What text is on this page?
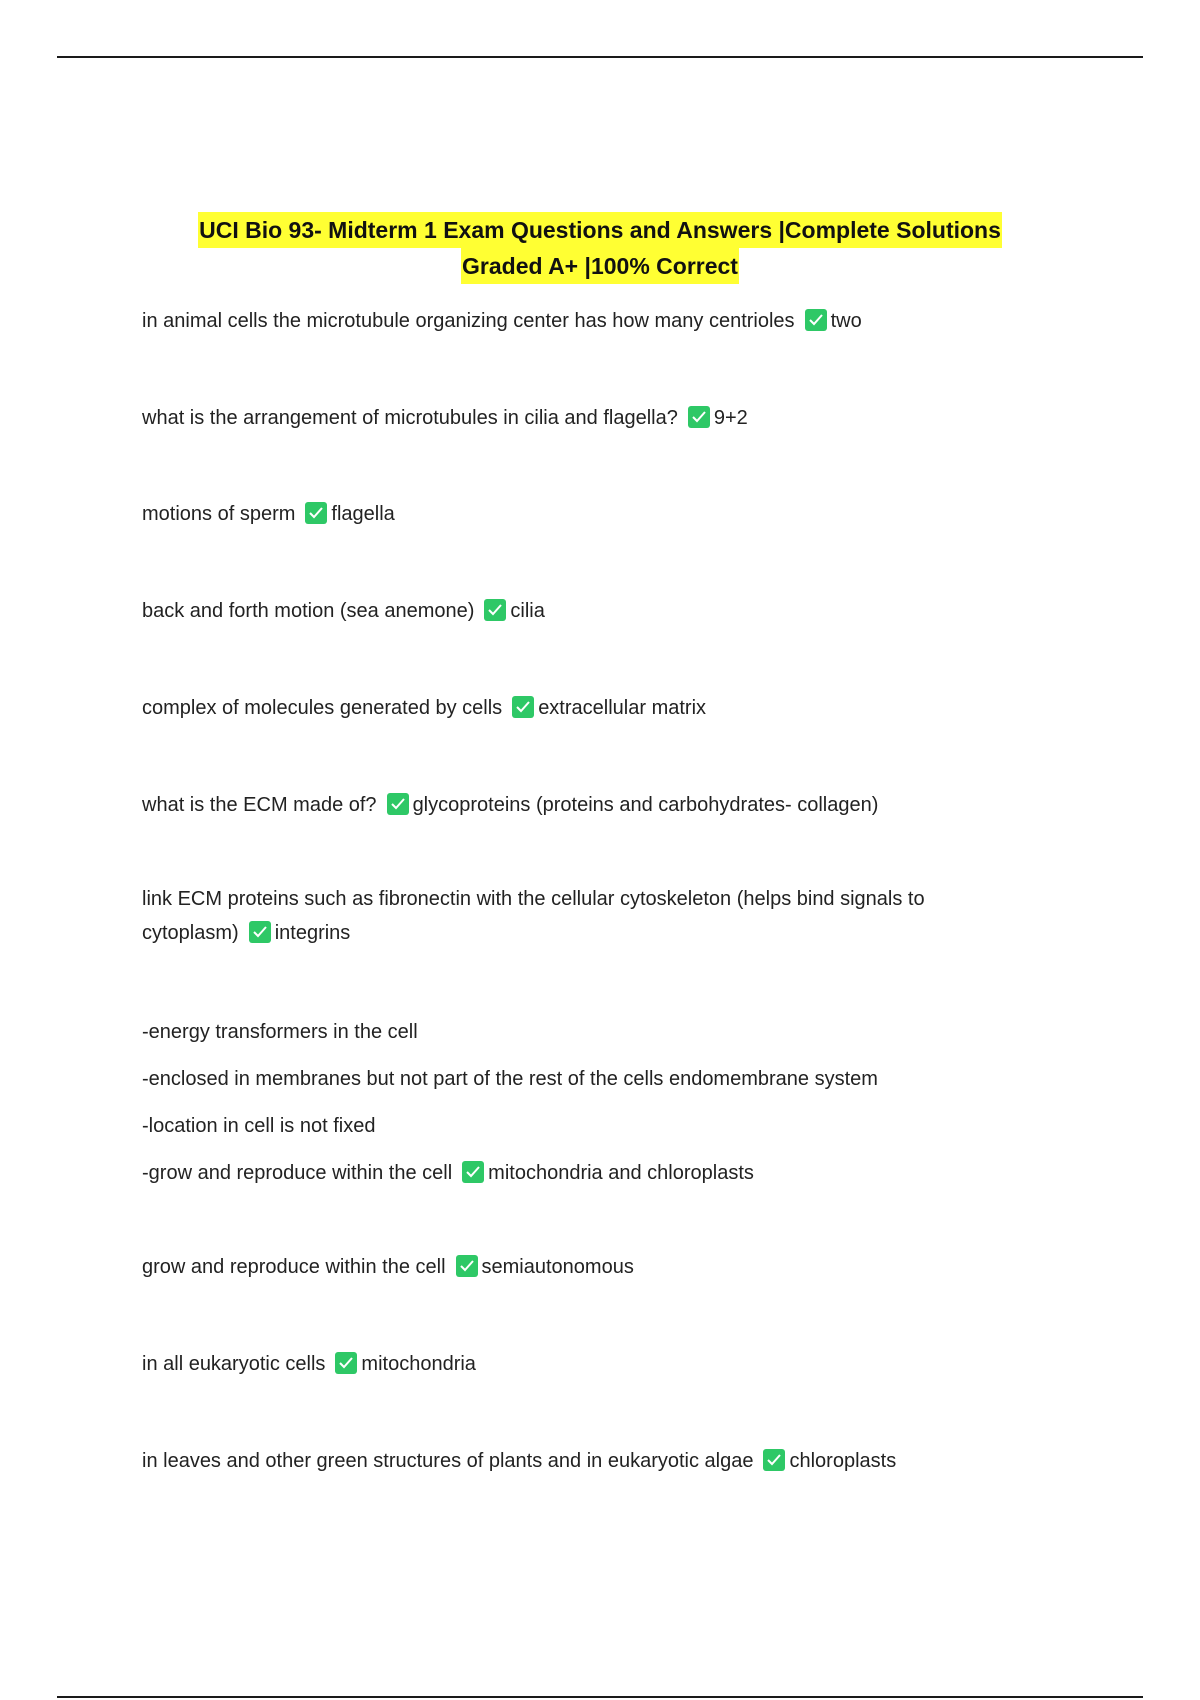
UCI Bio 93- Midterm 1 Exam Questions and Answers |Complete Solutions
Graded A+ |100% Correct
in animal cells the microtubule organizing center has how many centrioles two
what is the arrangement of microtubules in cilia and flagella? 9+2
motions of sperm flagella
back and forth motion (sea anemone) cilia
complex of molecules generated by cells extracellular matrix
what is the ECM made of? glycoproteins (proteins and carbohydrates- collagen)
link ECM proteins such as fibronectin with the cellular cytoskeleton (helps bind signals to
cytoplasm) integrins
-energy transformers in the cell
-enclosed in membranes but not part of the rest of the cells endomembrane system
-location in cell is not fixed
-grow and reproduce within the cell mitochondria and chloroplasts
grow and reproduce within the cell semiautonomous
in all eukaryotic cells mitochondria
in leaves and other green structures of plants and in eukaryotic algae chloroplasts
